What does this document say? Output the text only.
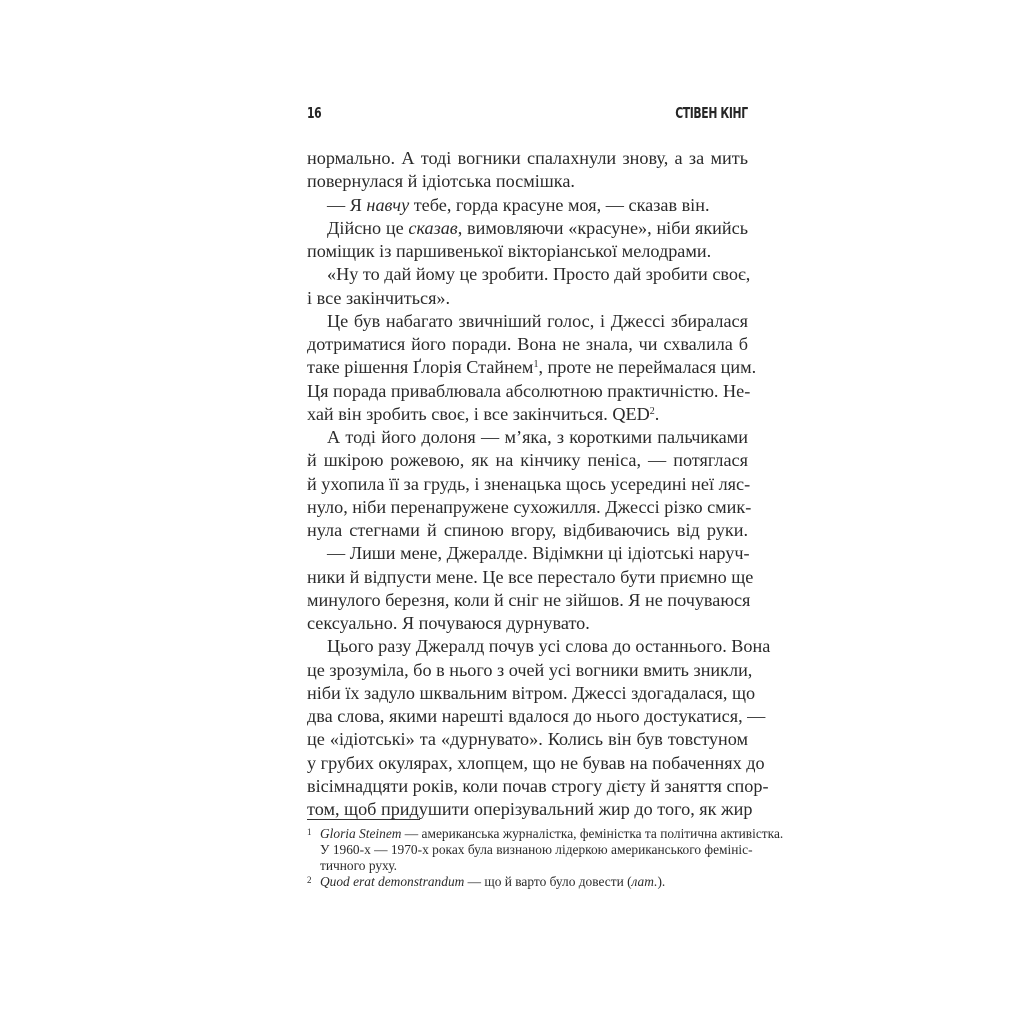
16	СТІВЕН КІНГ
нормально. А тоді вогники спалахнули знову, а за мить
повернулася й ідіотська посмішка.
— Я навчу тебе, горда красуне моя, — сказав він.
Дійсно це сказав, вимовляючи «красуне», ніби якийсь
поміщик із паршивенької вікторіанської мелодрами.
«Ну то дай йому це зробити. Просто дай зробити своє,
і все закінчиться».
Це був набагато звичніший голос, і Джессі збиралася
дотриматися його поради. Вона не знала, чи схвалила б
таке рішення Ґлорія Стайнем$^1$, проте не переймалася цим.
Ця порада приваблювала абсолютною практичністю. Не-
хай він зробить своє, і все закінчиться. QED$^2$.
А тоді його долоня — м’яка, з короткими пальчиками
й шкірою рожевою, як на кінчику пеніса, — потяглася
й ухопила її за грудь, і зненацька щось усередині неї ляс-
нуло, ніби перенапружене сухожилля. Джессі різко смик-
нула стегнами й спиною вгору, відбиваючись від руки.
— Лиши мене, Джералде. Відімкни ці ідіотські наруч-
ники й відпусти мене. Це все перестало бути приємно ще
минулого березня, коли й сніг не зійшов. Я не почуваюся
сексуально. Я почуваюся дурнувато.
Цього разу Джералд почув усі слова до останнього. Вона
це зрозуміла, бо в нього з очей усі вогники вмить зникли,
ніби їх задуло шквальним вітром. Джессі здогадалася, що
два слова, якими нарешті вдалося до нього достукатися, —
це «ідіотські» та «дурнувато». Колись він був товстуном
у грубих окулярах, хлопцем, що не бував на побаченнях до
вісімнадцяти років, коли почав строгу дієту й заняття спор-
том, щоб придушити оперізувальний жир до того, як жир
1 Gloria Steinem — американська журналістка, феміністка та політична активістка.
У 1960-х — 1970-х роках була визнаною лідеркою американського фемініс-
тичного руху.
2 Quod erat demonstrandum — що й варто було довести (лат.).
